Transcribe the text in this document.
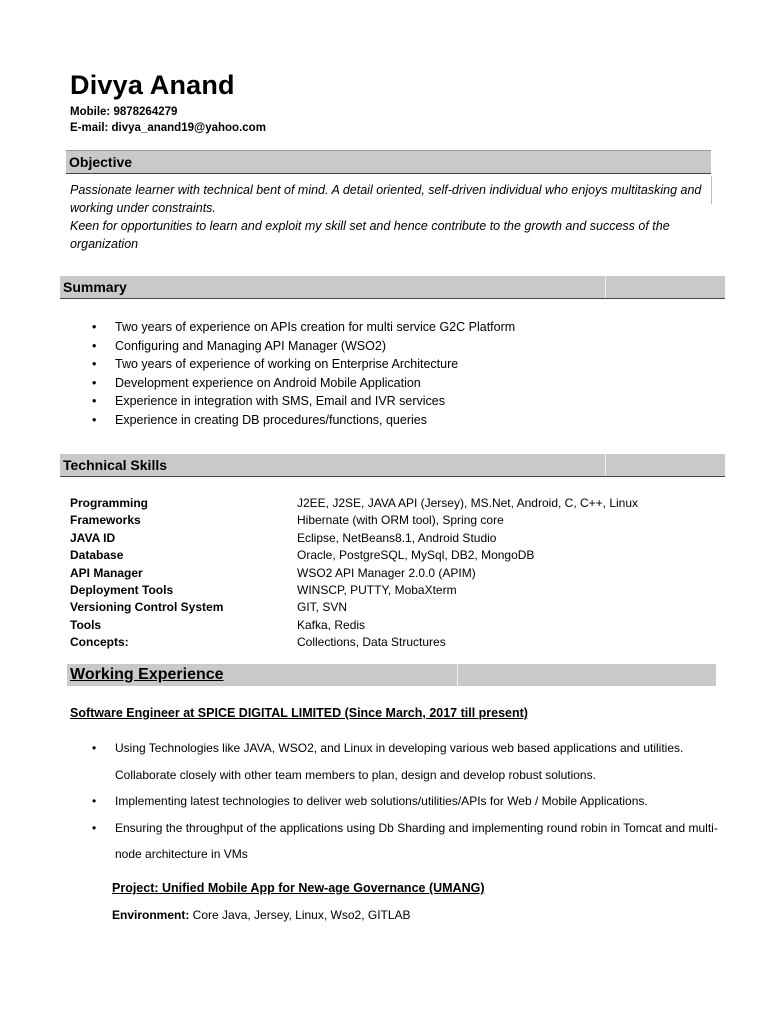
Divya Anand
Mobile: 9878264279
E-mail: divya_anand19@yahoo.com
Objective

Passionate learner with technical bent of mind. A detail oriented, self-driven individual who enjoys multitasking and working under constraints.

Keen for opportunities to learn and exploit my skill set and hence contribute to the growth and success of the organization

Summary
• Two years of experience on APIs creation for multi service G2C Platform
• Configuring and Managing API Manager (WSO2)
• Two years of experience of working on Enterprise Architecture
• Development experience on Android Mobile Application
• Experience in integration with SMS, Email and IVR services
• Experience in creating DB procedures/functions, queries
Technical Skills
Programming	J2EE, J2SE, JAVA API (Jersey), MS.Net, Android, C, C++, Linux
Frameworks	Hibernate (with ORM tool), Spring core
JAVA ID	Eclipse, NetBeans8.1, Android Studio
Database	Oracle, PostgreSQL, MySql, DB2, MongoDB
API Manager	WSO2 API Manager 2.0.0 (APIM)
Deployment Tools	WINSCP, PUTTY, MobaXterm
Versioning Control System	GIT, SVN
Tools	Kafka, Redis
Concepts:	Collections, Data Structures
Working Experience
Software Engineer at SPICE DIGITAL LIMITED (Since March, 2017 till present)
• Using Technologies like JAVA, WSO2, and Linux in developing various web based applications and utilities. Collaborate closely with other team members to plan, design and develop robust solutions.
• Implementing latest technologies to deliver web solutions/utilities/APIs for Web / Mobile Applications.
• Ensuring the throughput of the applications using Db Sharding and implementing round robin in Tomcat and multi-node architecture in VMs
Project: Unified Mobile App for New-age Governance (UMANG)
Environment: Core Java, Jersey, Linux, Wso2, GITLAB
